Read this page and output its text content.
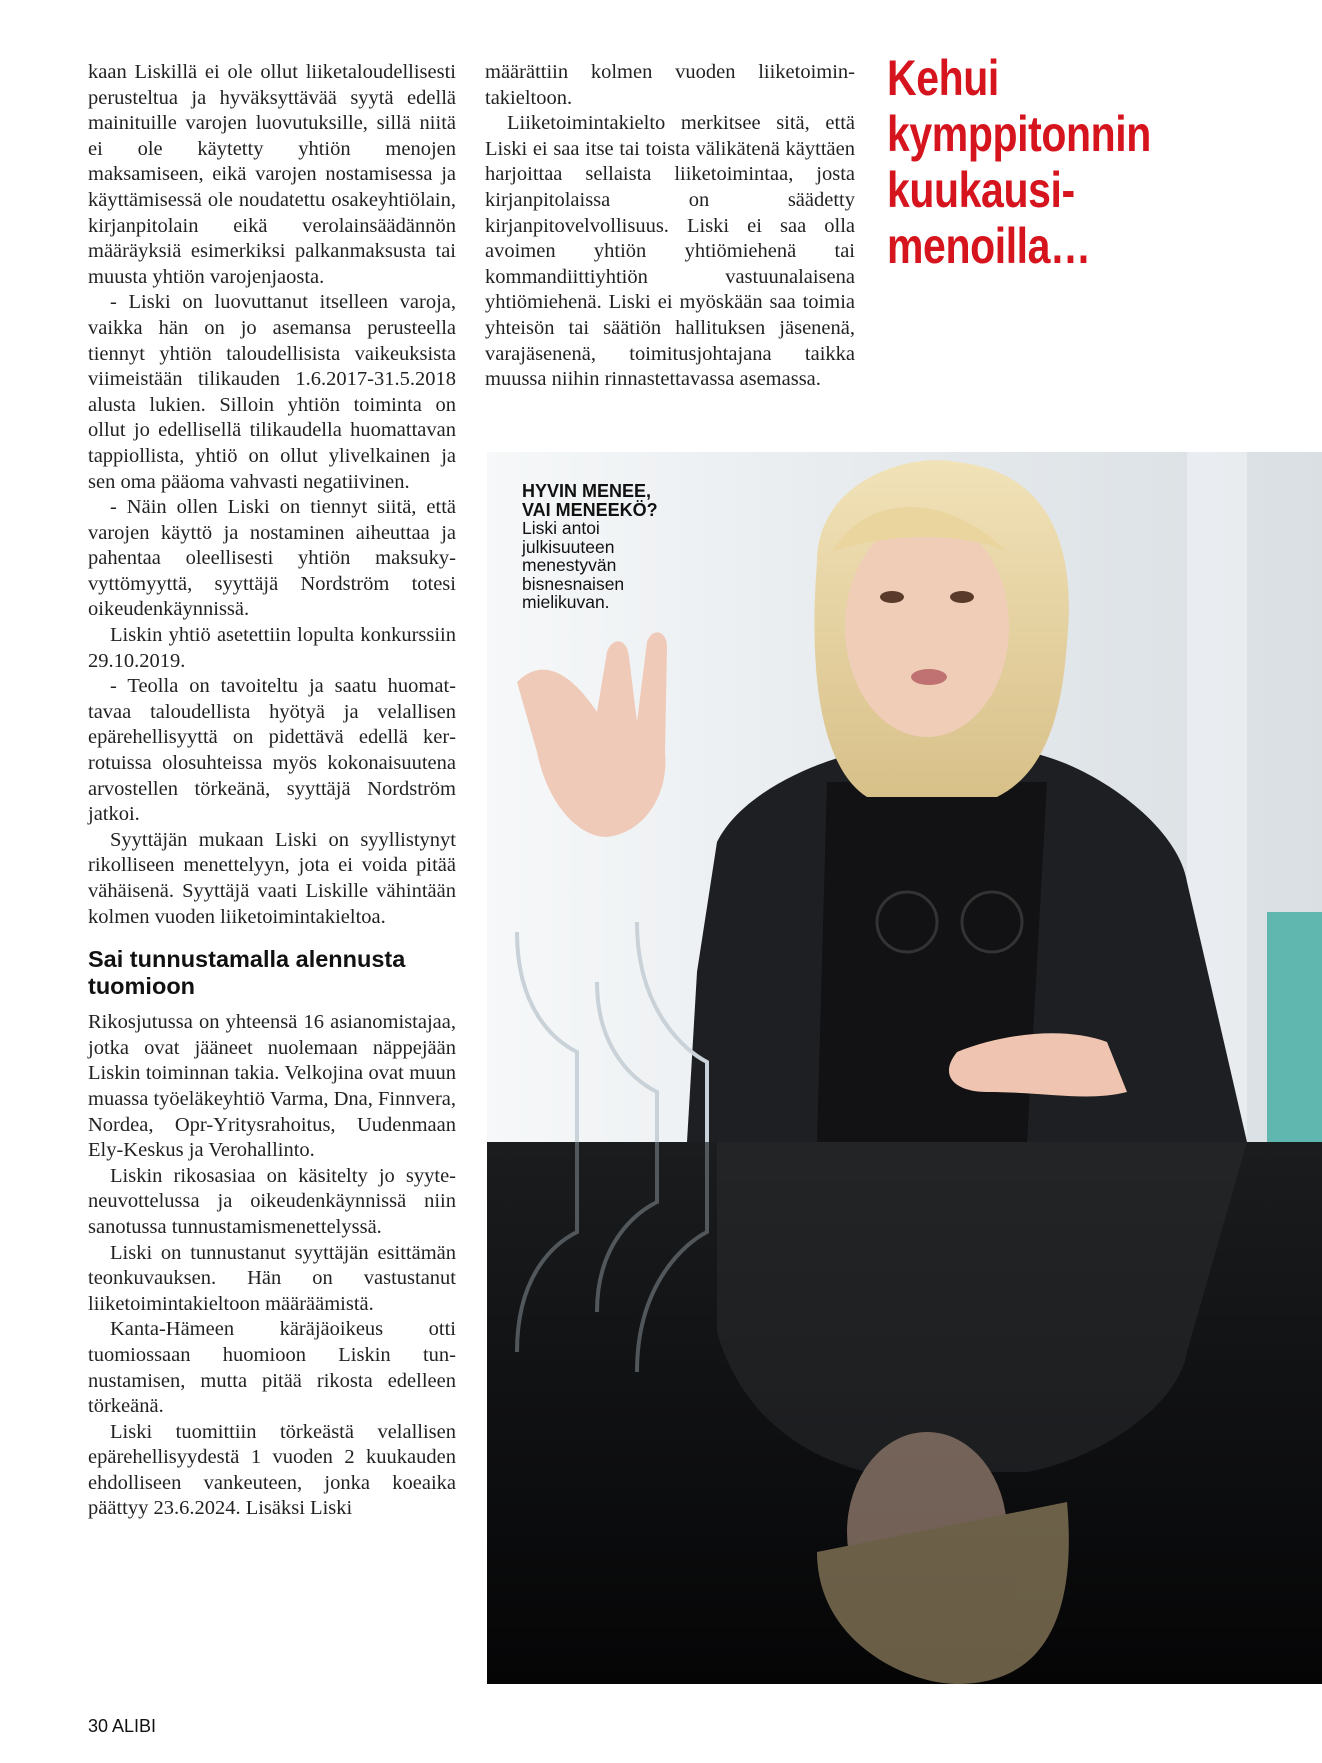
kaan Liskillä ei ole ollut liiketaloudellisesti perusteltua ja hyväksyttävää syytä edellä mainituille varojen luovutuksille, sillä niitä ei ole käytetty yhtiön menojen maksamiseen, eikä varojen nostamisessa ja käyttämisessä ole noudatettu osakeyhtiölain, kirjanpitolain eikä verolainsäädännön määräyksiä esimerkiksi palkanmaksusta tai muusta yhtiön varojenjaosta.

- Liski on luovuttanut itselleen varoja, vaikka hän on jo asemansa perusteella tiennyt yhtiön taloudellisista vaikeuksista viimeistään tilikauden 1.6.2017-31.5.2018 alusta lukien. Silloin yhtiön toiminta on ollut jo edellisellä tilikaudella huomattavan tappiollista, yhtiö on ollut ylivelkainen ja sen oma pääoma vahvasti negatiivinen.

- Näin ollen Liski on tiennyt siitä, että varojen käyttö ja nostaminen aiheuttaa ja pahentaa oleellisesti yhtiön maksukyvyttömyyttä, syyttäjä Nordström totesi oikeudenkäynnissä.

Liskin yhtiö asetettiin lopulta konkurssiin 29.10.2019.

- Teolla on tavoiteltu ja saatu huomattavaa taloudellista hyötyä ja velallisen epärehellisyyttä on pidettävä edellä kerrotuissa olosuhteissa myös kokonaisuutena arvostellen törkeänä, syyttäjä Nordström jatkoi.

Syyttäjän mukaan Liski on syyllistynyt rikolliseen menettelyyn, jota ei voida pitää vähäisenä. Syyttäjä vaati Liskille vähintään kolmen vuoden liiketoimintakieltoa.

Sai tunnustamalla alennusta tuomioon

Rikosjutussa on yhteensä 16 asianomistajaa, jotka ovat jääneet nuolemaan näppejään Liskin toiminnan takia. Velkojina ovat muun muassa työeläkeyhtiö Varma, Dna, Finnvera, Nordea, Opr-Yritysrahoitus, Uudenmaan Ely-Keskus ja Verohallinto.

Liskin rikosasiaa on käsitelty jo syyteneuvottelussa ja oikeudenkäynnissä niin sanotussa tunnustamismenettelyssä.

Liski on tunnustanut syyttäjän esittämän teonkuvauksen. Hän on vastustanut liiketoimintakieltoon määräämistä.

Kanta-Hämeen käräjäoikeus otti tuomiossaan huomioon Liskin tunnustamisen, mutta pitää rikosta edelleen törkeänä.

Liski tuomittiin törkeästä velallisen epärehellisyydestä 1 vuoden 2 kuukauden ehdolliseen vankeuteen, jonka koeaika päättyy 23.6.2024. Lisäksi Liski

määrättiin kolmen vuoden liiketoimintakieltoon.

Liiketoimintakielto merkitsee sitä, että Liski ei saa itse tai toista välikätenä käyttäen harjoittaa sellaista liiketoimintaa, josta kirjanpitolaissa on säädetty kirjanpitovelvollisuus. Liski ei saa olla avoimen yhtiön yhtiömiehenä tai kommandiittiyhtiön vastuunalaisena yhtiömiehenä. Liski ei myöskään saa toimia yhteisön tai säätiön hallituksen jäsenenä, varajäsenenä, toimitusjohtajana taikka muussa niihin rinnastettavassa asemassa.

Kehui
kymppitonnin
kuukausi-
menoilla…
HYVIN MENEE,
VAI MENEEKÖ?
Liski antoi
julkisuuteen
menestyvän
bisnesnaisen
mielikuvan.
30 ALIBI
